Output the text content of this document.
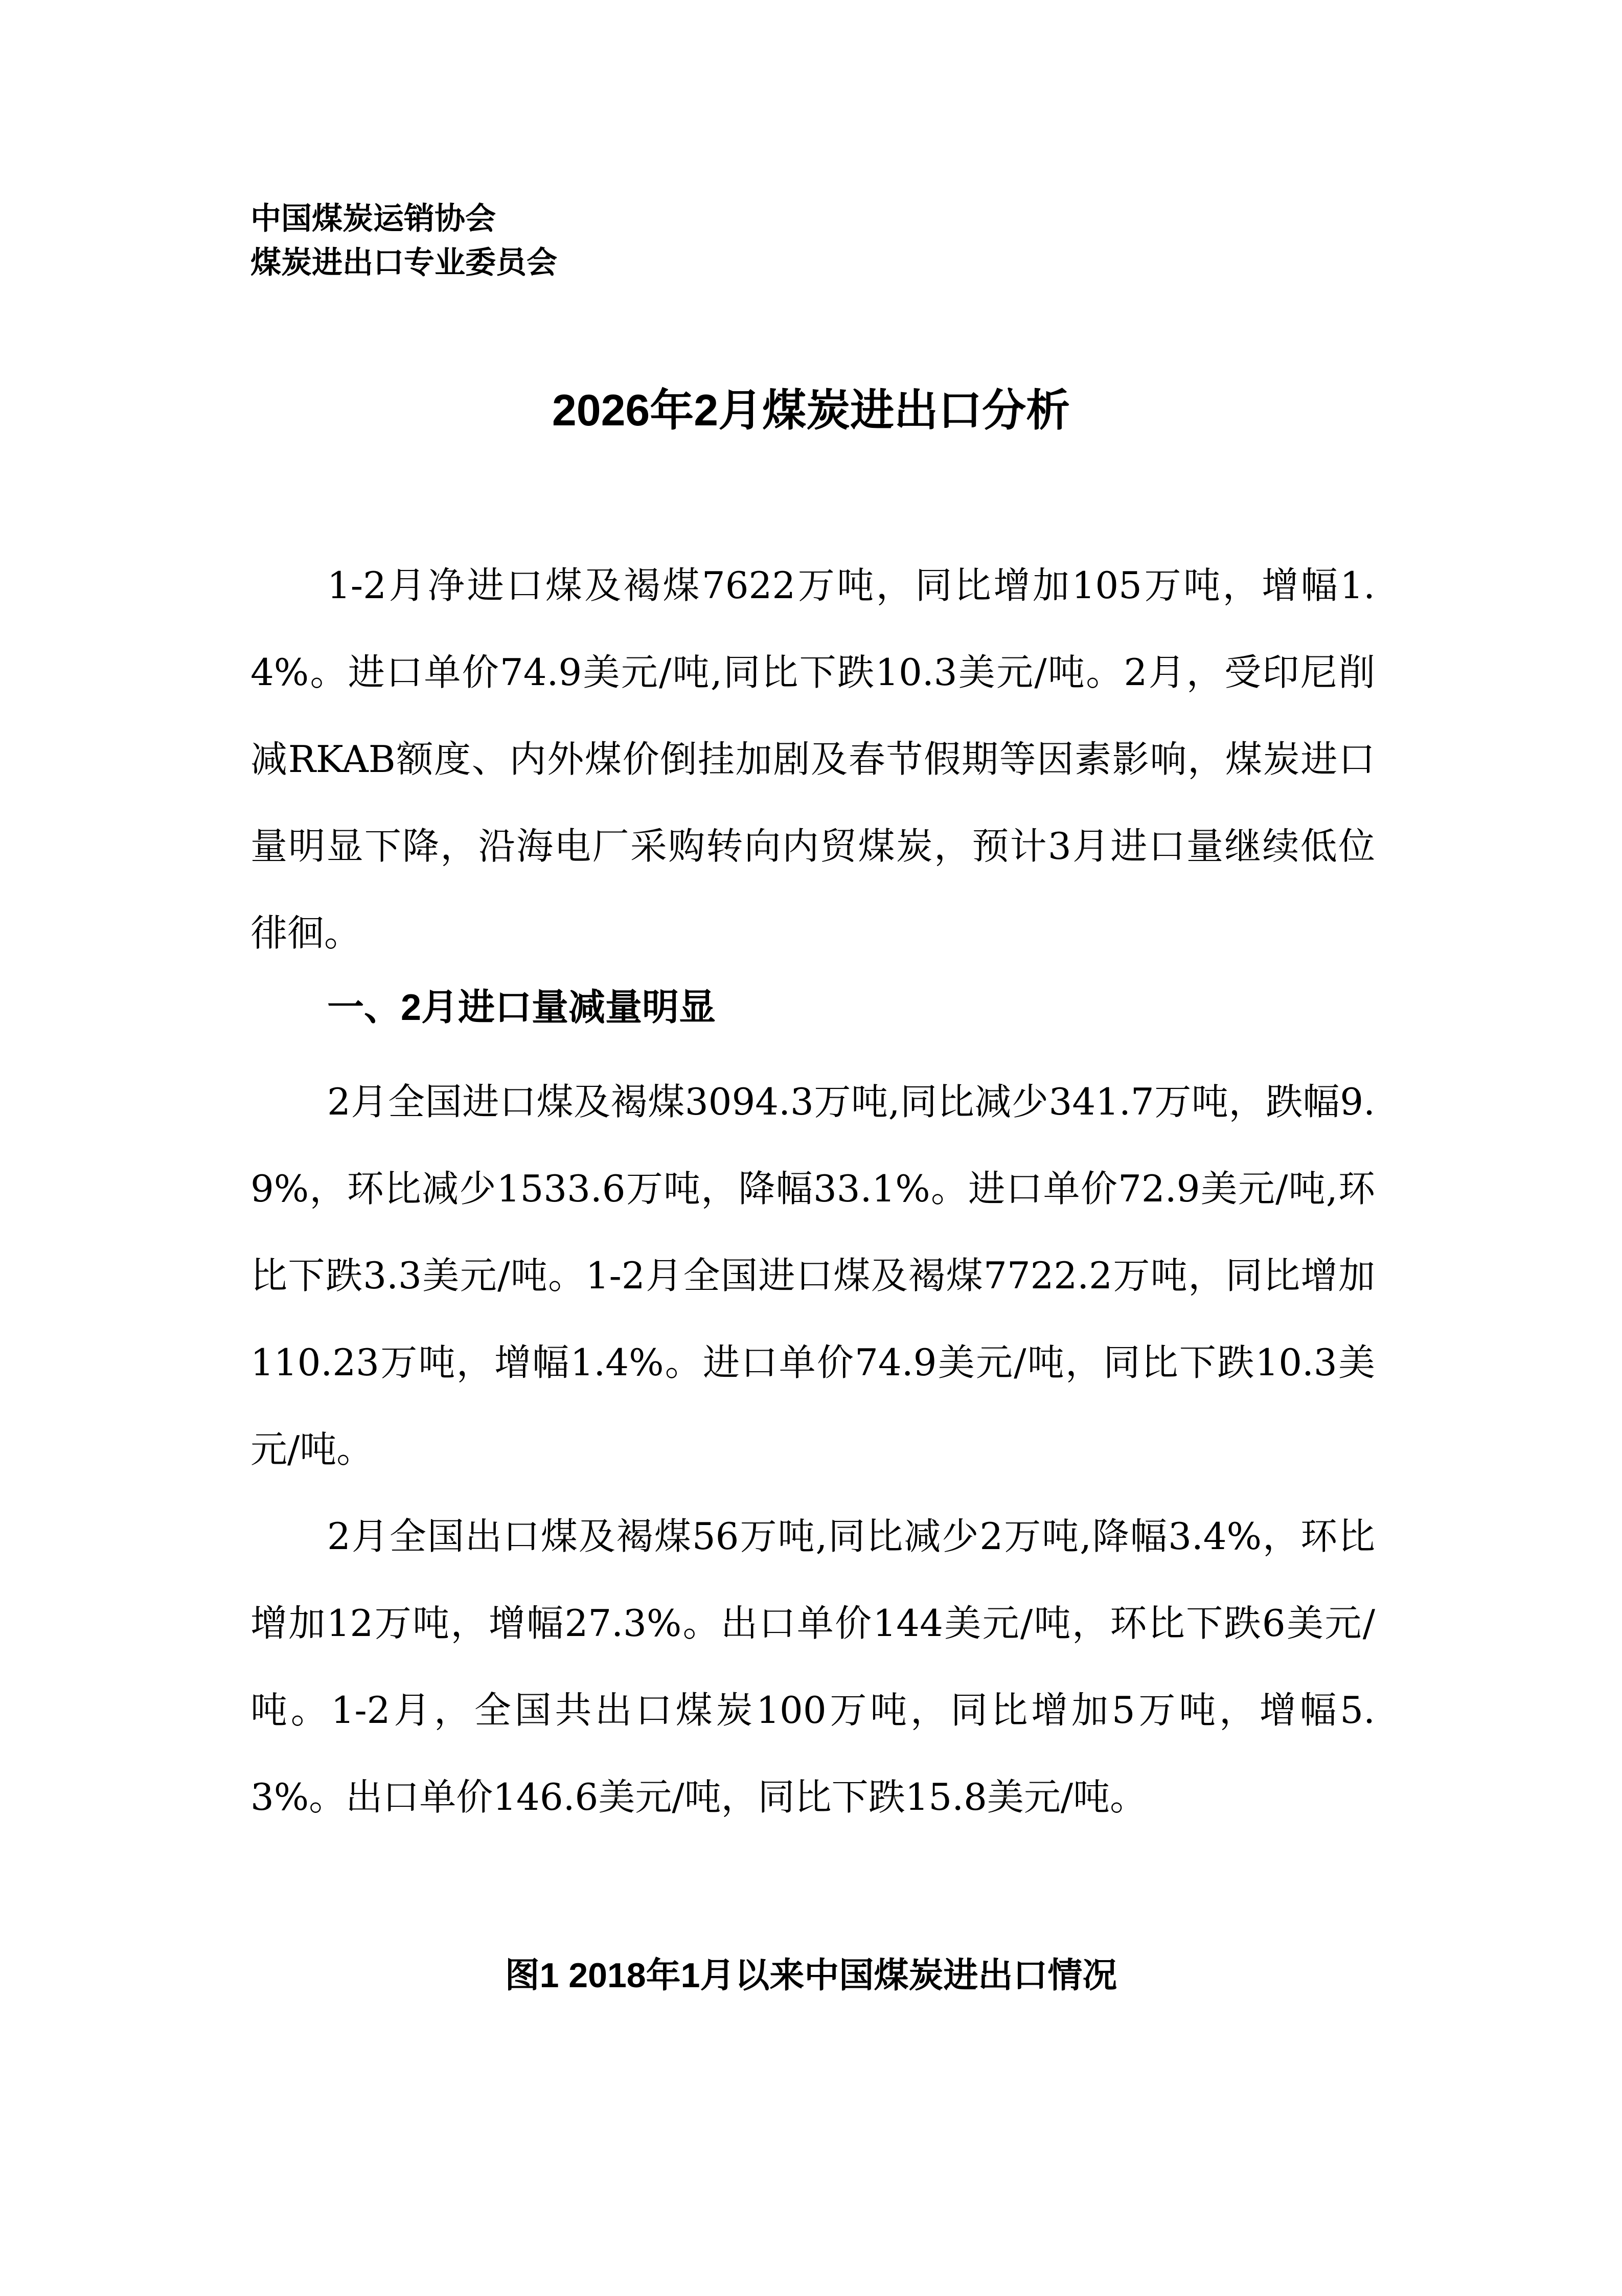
中国煤炭运销协会
煤炭进出口专业委员会
2026年2月煤炭进出口分析

1-2月净进口煤及褐煤7622万吨，同比增加105万吨，增幅1.4%。进口单价74.9美元/吨,同比下跌10.3美元/吨。2月，受印尼削减RKAB额度、内外煤价倒挂加剧及春节假期等因素影响，煤炭进口量明显下降，沿海电厂采购转向内贸煤炭，预计3月进口量继续低位徘徊。

一、2月进口量减量明显

2月全国进口煤及褐煤3094.3万吨,同比减少341.7万吨，跌幅9.9%，环比减少1533.6万吨，降幅33.1%。进口单价72.9美元/吨,环比下跌3.3美元/吨。1-2月全国进口煤及褐煤7722.2万吨，同比增加110.23万吨，增幅1.4%。进口单价74.9美元/吨，同比下跌10.3美元/吨。

2月全国出口煤及褐煤56万吨,同比减少2万吨,降幅3.4%，环比增加12万吨，增幅27.3%。出口单价144美元/吨，环比下跌6美元/吨。1-2月，全国共出口煤炭100万吨，同比增加5万吨，增幅5.3%。出口单价146.6美元/吨，同比下跌15.8美元/吨。

图1 2018年1月以来中国煤炭进出口情况
